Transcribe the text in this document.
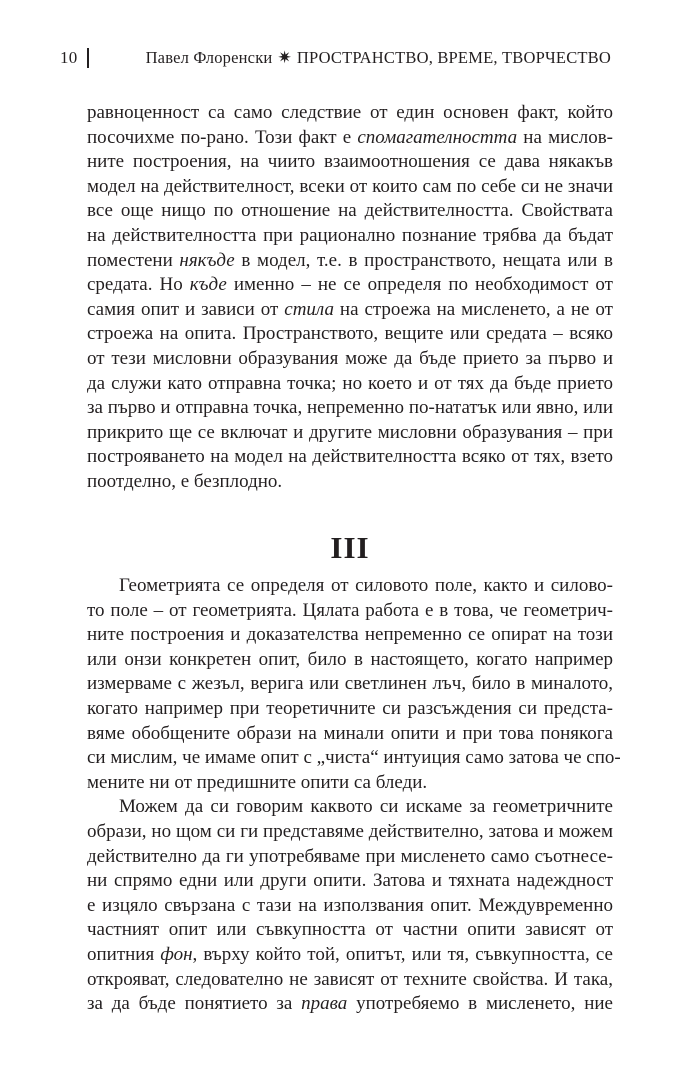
10	Павел Флоренски ✷ ПРОСТРАНСТВО, ВРЕМЕ, ТВОРЧЕСТВО
равноценност са само следствие от един основен факт, който
посочихме по-рано. Този факт е спомагателността на мислов-
ните построения, на чиито взаимоотношения се дава някакъв
модел на действителност, всеки от които сам по себе си не значи
все още нищо по отношение на действителността. Свойствата
на действителността при рационално познание трябва да бъдат
поместени някъде в модел, т.е. в пространството, нещата или в
средата. Но къде именно – не се определя по необходимост от
самия опит и зависи от стила на строежа на мисленето, а не от
строежа на опита. Пространството, вещите или средата – всяко
от тези мисловни образувания може да бъде прието за първо и
да служи като отправна точка; но което и от тях да бъде прието
за първо и отправна точка, непременно по-нататък или явно, или
прикрито ще се включат и другите мисловни образувания – при
построяването на модел на действителността всяко от тях, взето
поотделно, е безплодно.
III
Геометрията се определя от силовото поле, както и силово-
то поле – от геометрията. Цялата работа е в това, че геометрич-
ните построения и доказателства непременно се опират на този
или онзи конкретен опит, било в настоящето, когато например
измерваме с жезъл, верига или светлинен лъч, било в миналото,
когато например при теоретичните си разсъждения си предста-
вяме обобщените образи на минали опити и при това понякога
си мислим, че имаме опит с „чиста“ интуиция само затова че спо-
мените ни от предишните опити са бледи.
Можем да си говорим каквото си искаме за геометричните
образи, но щом си ги представяме действително, затова и можем
действително да ги употребяваме при мисленето само съотнесе-
ни спрямо едни или други опити. Затова и тяхната надеждност
е изцяло свързана с тази на използвания опит. Междувременно
частният опит или съвкупността от частни опити зависят от
опитния фон, върху който той, опитът, или тя, съвкупността, се
открояват, следователно не зависят от техните свойства. И така,
за да бъде понятието за права употребяемо в мисленето, ние
